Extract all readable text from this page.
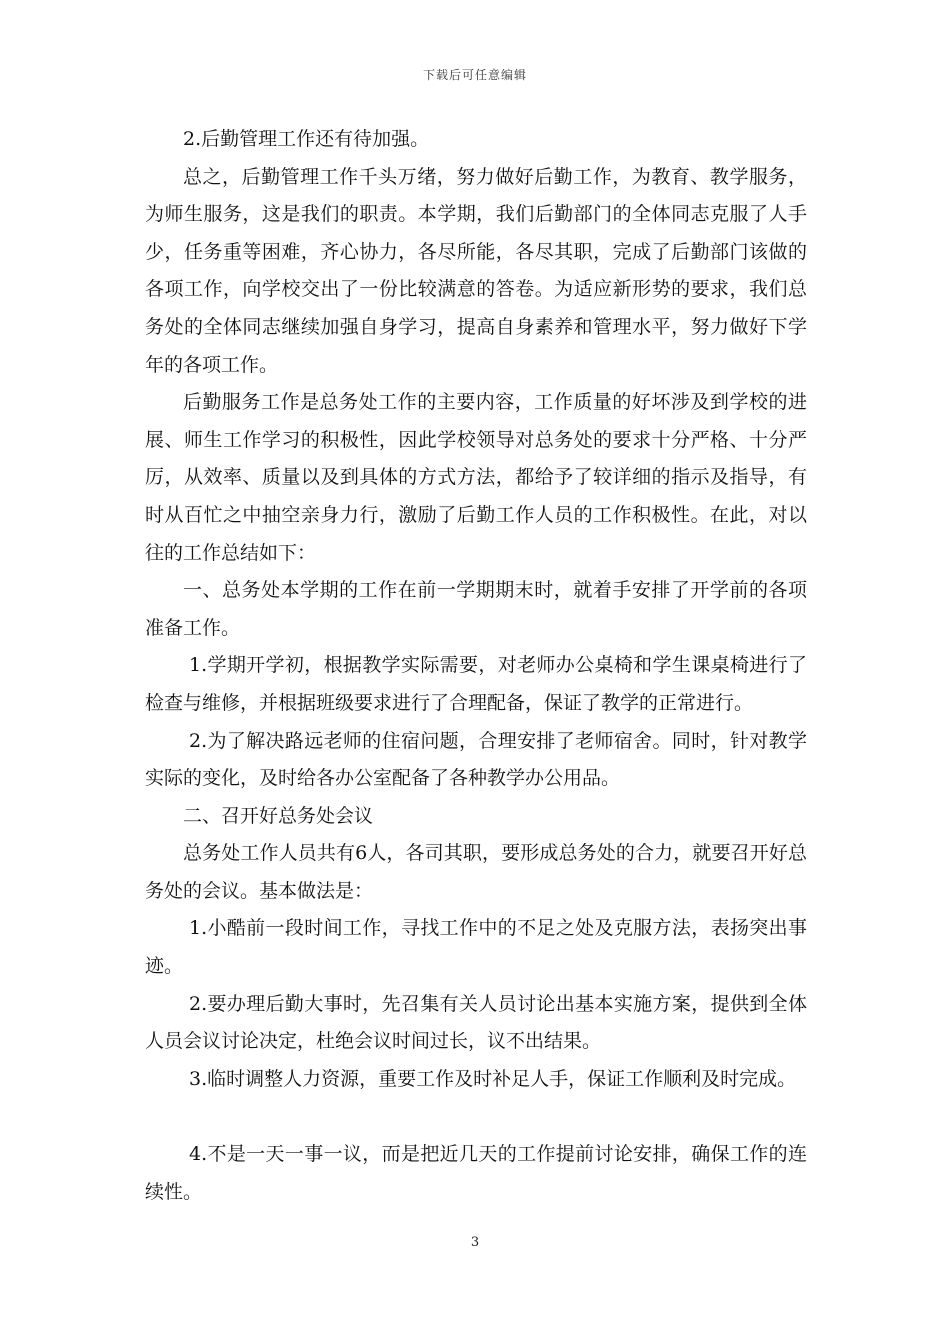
下载后可任意编辑

2.后勤管理工作还有待加强。

总之，后勤管理工作千头万绪，努力做好后勤工作，为教育、教学服务，为师生服务，这是我们的职责。本学期，我们后勤部门的全体同志克服了人手少，任务重等困难，齐心协力，各尽所能，各尽其职，完成了后勤部门该做的各项工作，向学校交出了一份比较满意的答卷。为适应新形势的要求，我们总务处的全体同志继续加强自身学习，提高自身素养和管理水平，努力做好下学年的各项工作。

后勤服务工作是总务处工作的主要内容，工作质量的好坏涉及到学校的进展、师生工作学习的积极性，因此学校领导对总务处的要求十分严格、十分严厉，从效率、质量以及到具体的方式方法，都给予了较详细的指示及指导，有时从百忙之中抽空亲身力行，激励了后勤工作人员的工作积极性。在此，对以往的工作总结如下：

一、总务处本学期的工作在前一学期期末时，就着手安排了开学前的各项准备工作。

1.学期开学初，根据教学实际需要，对老师办公桌椅和学生课桌椅进行了检查与维修，并根据班级要求进行了合理配备，保证了教学的正常进行。

2.为了解决路远老师的住宿问题，合理安排了老师宿舍。同时，针对教学实际的变化，及时给各办公室配备了各种教学办公用品。

二、召开好总务处会议

总务处工作人员共有6人，各司其职，要形成总务处的合力，就要召开好总务处的会议。基本做法是：

1.小酷前一段时间工作，寻找工作中的不足之处及克服方法，表扬突出事迹。

2.要办理后勤大事时，先召集有关人员讨论出基本实施方案，提供到全体人员会议讨论决定，杜绝会议时间过长，议不出结果。

3.临时调整人力资源，重要工作及时补足人手，保证工作顺利及时完成。

4.不是一天一事一议，而是把近几天的工作提前讨论安排，确保工作的连续性。

3
